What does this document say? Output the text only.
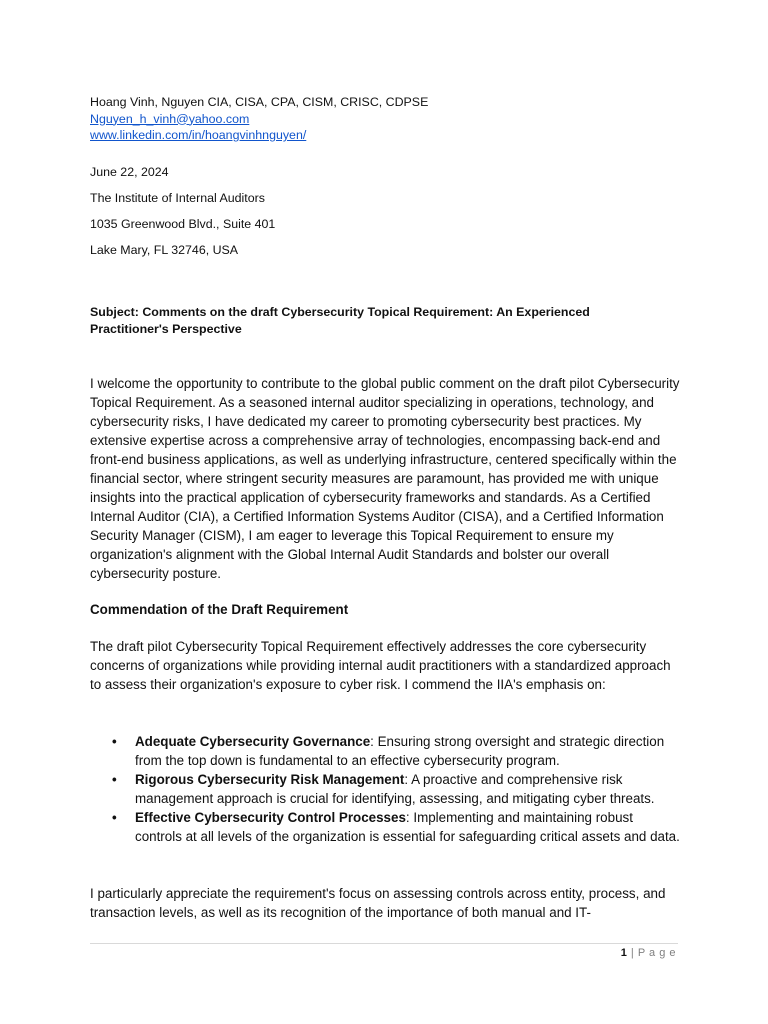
Hoang Vinh, Nguyen CIA, CISA, CPA, CISM, CRISC, CDPSE
Nguyen_h_vinh@yahoo.com
www.linkedin.com/in/hoangvinhnguyen/
June 22, 2024
The Institute of Internal Auditors
1035 Greenwood Blvd., Suite 401
Lake Mary, FL 32746, USA
Subject: Comments on the draft Cybersecurity Topical Requirement: An Experienced Practitioner's Perspective
I welcome the opportunity to contribute to the global public comment on the draft pilot Cybersecurity Topical Requirement. As a seasoned internal auditor specializing in operations, technology, and cybersecurity risks, I have dedicated my career to promoting cybersecurity best practices. My extensive expertise across a comprehensive array of technologies, encompassing back-end and front-end business applications, as well as underlying infrastructure, centered specifically within the financial sector, where stringent security measures are paramount, has provided me with unique insights into the practical application of cybersecurity frameworks and standards. As a Certified Internal Auditor (CIA), a Certified Information Systems Auditor (CISA), and a Certified Information Security Manager (CISM), I am eager to leverage this Topical Requirement to ensure my organization's alignment with the Global Internal Audit Standards and bolster our overall cybersecurity posture.
Commendation of the Draft Requirement
The draft pilot Cybersecurity Topical Requirement effectively addresses the core cybersecurity concerns of organizations while providing internal audit practitioners with a standardized approach to assess their organization's exposure to cyber risk. I commend the IIA's emphasis on:
• Adequate Cybersecurity Governance: Ensuring strong oversight and strategic direction from the top down is fundamental to an effective cybersecurity program.
• Rigorous Cybersecurity Risk Management: A proactive and comprehensive risk management approach is crucial for identifying, assessing, and mitigating cyber threats.
• Effective Cybersecurity Control Processes: Implementing and maintaining robust controls at all levels of the organization is essential for safeguarding critical assets and data.
I particularly appreciate the requirement's focus on assessing controls across entity, process, and transaction levels, as well as its recognition of the importance of both manual and IT-
1 | P a g e
